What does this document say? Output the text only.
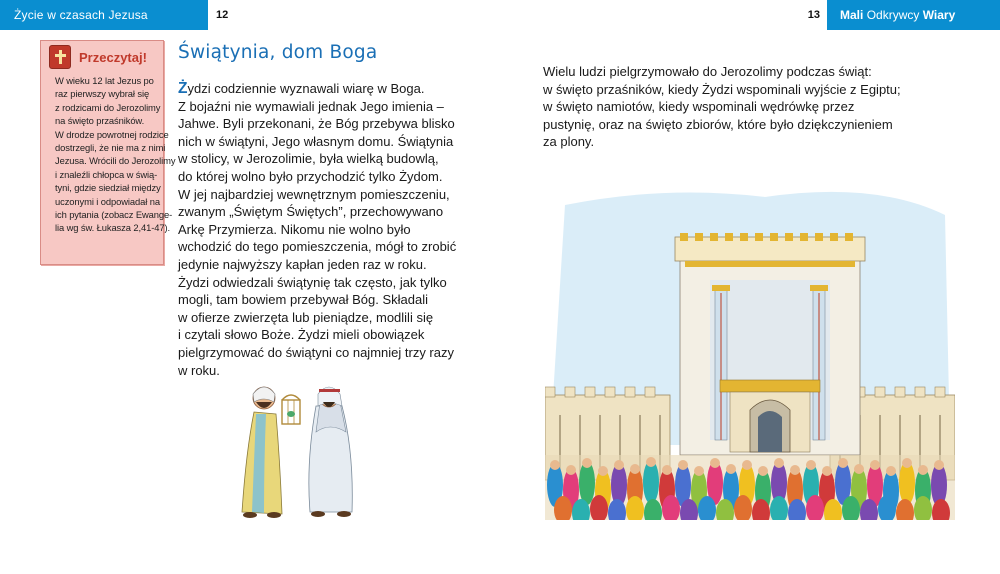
Życie w czasach Jezusa	12	13 Mali Odkrywcy Wiary
Przeczytaj!
W wieku 12 lat Jezus po
raz pierwszy wybrał się
z rodzicami do Jerozolimy
na święto przaśników.
W drodze powrotnej rodzice
dostrzegli, że nie ma z nimi
Jezusa. Wrócili do Jerozolimy
i znaleźli chłopca w świą-
tyni, gdzie siedział między
uczonymi i odpowiadał na
ich pytania (zobacz Ewange-
lia wg św. Łukasza 2,41-47).
Świątynia, dom Boga
Żydzi codziennie wyznawali wiarę w Boga.
Z bojaźni nie wymawiali jednak Jego imienia –
Jahwe. Byli przekonani, że Bóg przebywa blisko
nich w świątyni, Jego własnym domu. Świątynia
w stolicy, w Jerozolimie, była wielką budowlą,
do której wolno było przychodzić tylko Żydom.
W jej najbardziej wewnętrznym pomieszczeniu,
zwanym „Świętym Świętych”, przechowywano
Arkę Przymierza. Nikomu nie wolno było
wchodzić do tego pomieszczenia, mógł to zrobić
jedynie najwyższy kapłan jeden raz w roku.
Żydzi odwiedzali świątynię tak często, jak tylko
mogli, tam bowiem przebywał Bóg. Składali
w ofierze zwierzęta lub pieniądze, modlili się
i czytali słowo Boże. Żydzi mieli obowiązek
pielgrzymować do świątyni co najmniej trzy razy
w roku.
Wielu ludzi pielgrzymowało do Jerozolimy podczas świąt:
w święto przaśników, kiedy Żydzi wspominali wyjście z Egiptu;
w święto namiotów, kiedy wspominali wędrówkę przez
pustynię, oraz na święto zbiorów, które było dziękczynieniem
za plony.
